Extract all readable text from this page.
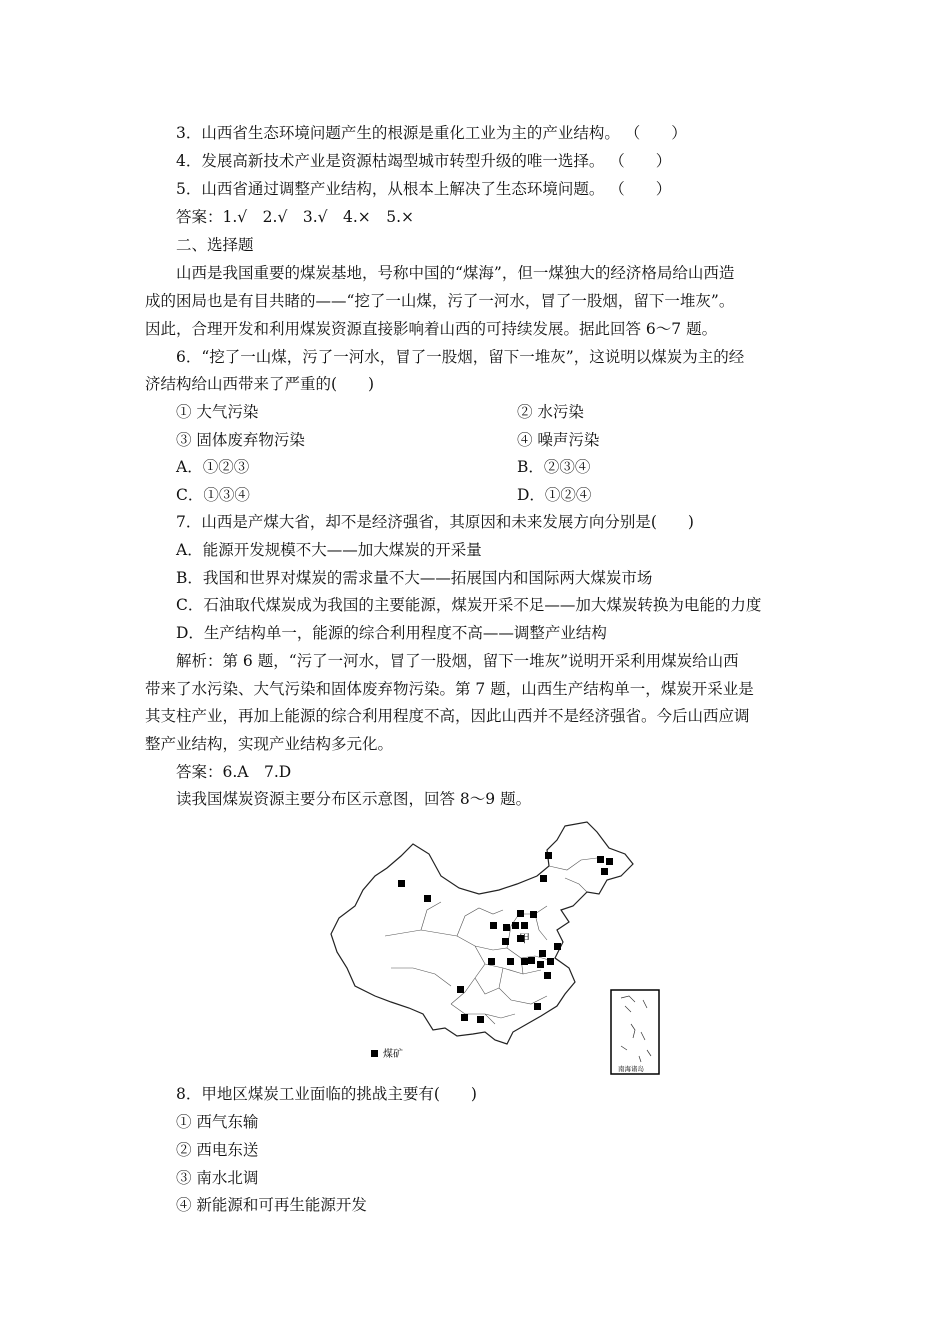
3．山西省生态环境问题产生的根源是重化工业为主的产业结构。 （　　）
4．发展高新技术产业是资源枯竭型城市转型升级的唯一选择。 （　　）
5．山西省通过调整产业结构，从根本上解决了生态环境问题。 （　　）
答案：1.√　2.√　3.√　4.×　5.×
二、选择题
山西是我国重要的煤炭基地，号称中国的“煤海”，但一煤独大的经济格局给山西造
成的困局也是有目共睹的——“挖了一山煤，污了一河水，冒了一股烟，留下一堆灰”。
因此，合理开发和利用煤炭资源直接影响着山西的可持续发展。据此回答 6～7 题。
6．“挖了一山煤，污了一河水，冒了一股烟，留下一堆灰”，这说明以煤炭为主的经
济结构给山西带来了严重的(　　)
① 大气污染	② 水污染
③ 固体废弃物污染	④ 噪声污染
A．①②③	B．②③④
C．①③④	D．①②④
7．山西是产煤大省，却不是经济强省，其原因和未来发展方向分别是(　　)
A．能源开发规模不大——加大煤炭的开采量
B．我国和世界对煤炭的需求量不大——拓展国内和国际两大煤炭市场
C．石油取代煤炭成为我国的主要能源，煤炭开采不足——加大煤炭转换为电能的力度
D．生产结构单一，能源的综合利用程度不高——调整产业结构
解析：第 6 题，“污了一河水，冒了一股烟，留下一堆灰”说明开采利用煤炭给山西
带来了水污染、大气污染和固体废弃物污染。第 7 题，山西生产结构单一，煤炭开采业是
其支柱产业，再加上能源的综合利用程度不高，因此山西并不是经济强省。今后山西应调
整产业结构，实现产业结构多元化。
答案：6.A　7.D
读我国煤炭资源主要分布区示意图，回答 8～9 题。
甲
煤矿
南海诸岛
8．甲地区煤炭工业面临的挑战主要有(　　)
① 西气东输
② 西电东送
③ 南水北调
④ 新能源和可再生能源开发
